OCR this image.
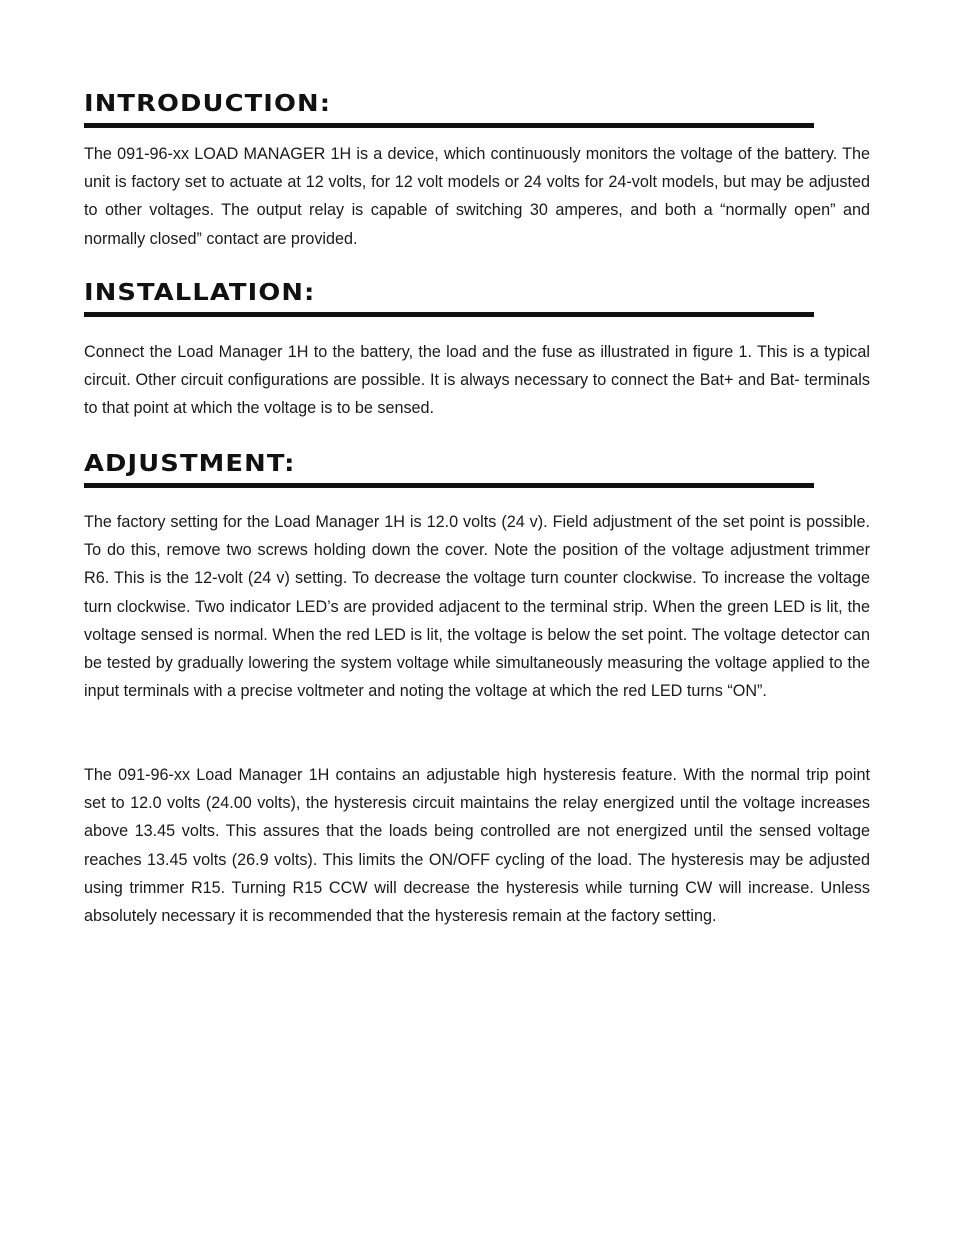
INTRODUCTION:

The 091-96-xx LOAD MANAGER 1H is a device, which continuously monitors the voltage of the battery. The unit is factory set to actuate at 12 volts, for 12 volt models or 24 volts for 24-volt models, but may be adjusted to other voltages. The output relay is capable of switching 30 amperes, and both a “normally open” and normally closed” contact are provided.

INSTALLATION:

Connect the Load Manager 1H to the battery, the load and the fuse as illustrated in figure 1. This is a typical circuit. Other circuit configurations are possible. It is always necessary to connect the Bat+ and Bat- terminals to that point at which the voltage is to be sensed.

ADJUSTMENT:

The factory setting for the Load Manager 1H is 12.0 volts (24 v). Field adjustment of the set point is possible. To do this, remove two screws holding down the cover. Note the position of the voltage adjustment trimmer R6. This is the 12-volt (24 v) setting. To decrease the voltage turn counter clockwise. To increase the voltage turn clockwise. Two indicator LED’s are provided adjacent to the terminal strip. When the green LED is lit, the voltage sensed is normal. When the red LED is lit, the voltage is below the set point. The voltage detector can be tested by gradually lowering the system voltage while simultaneously measuring the voltage applied to the input terminals with a precise voltmeter and noting the voltage at which the red LED turns “ON”.

The 091-96-xx Load Manager 1H contains an adjustable high hysteresis feature. With the normal trip point set to 12.0 volts (24.00 volts), the hysteresis circuit maintains the relay energized until the voltage increases above 13.45 volts. This assures that the loads being controlled are not energized until the sensed voltage reaches 13.45 volts (26.9 volts). This limits the ON/OFF cycling of the load. The hysteresis may be adjusted using trimmer R15. Turning R15 CCW will decrease the hysteresis while turning CW will increase. Unless absolutely necessary it is recommended that the hysteresis remain at the factory setting.
